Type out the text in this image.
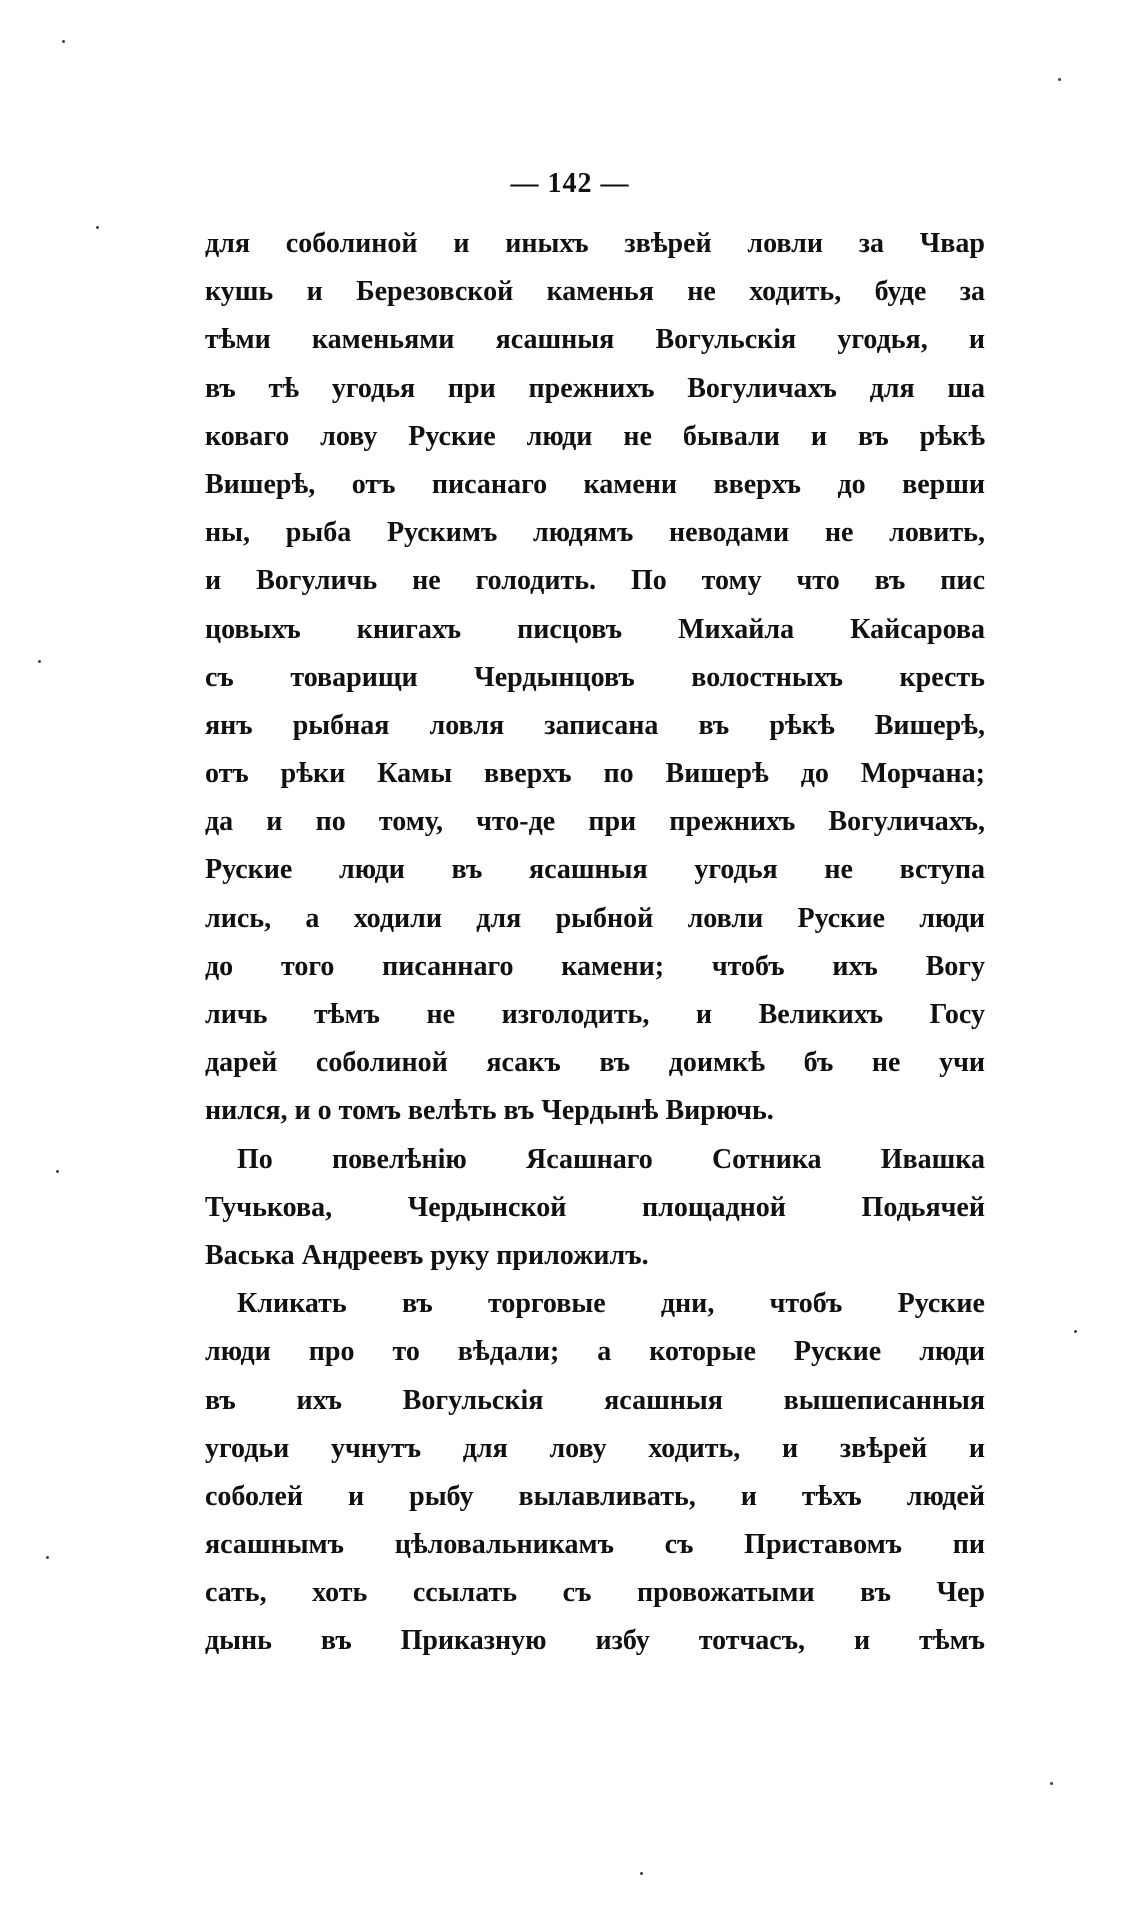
— 142 —
для соболиной и иныхъ звѣрей ловли за Чвар
кушь и Березовской каменья не ходить, буде за
тѣми каменьями ясашныя Вогульскія угодья, и
въ тѣ угодья при прежнихъ Вогуличахъ для ша
коваго лову Руские люди не бывали и въ рѣкѣ
Вишерѣ, отъ писанаго камени вверхъ до верши
ны, рыба Рускимъ людямъ неводами не ловить,
и Вогуличь не голодить. По тому что въ пис
цовыхъ книгахъ писцовъ Михайла Кайсарова
съ товарищи Чердынцовъ волостныхъ кресть
янъ рыбная ловля записана въ рѣкѣ Вишерѣ,
отъ рѣки Камы вверхъ по Вишерѣ до Морчана;
да и по тому, что-де при прежнихъ Вогуличахъ,
Руские люди въ ясашныя угодья не вступа
лись, а ходили для рыбной ловли Руские люди
до того писаннаго камени; чтобъ ихъ Вогу
личь тѣмъ не изголодить, и Великихъ Госу
дарей соболиной ясакъ въ доимкѣ бъ не учи
нился, и о томъ велѣть въ Чердынѣ Вирючь.
По повелѣнію Ясашнаго Сотника Ивашка
Тучькова, Чердынской площадной Подьячей
Васька Андреевъ руку приложилъ.
Кликать въ торговые дни, чтобъ Руские
люди про то вѣдали; а которые Руские люди
въ ихъ Вогульскія ясашныя вышеписанныя
угодьи учнутъ для лову ходить, и звѣрей и
соболей и рыбу вылавливать, и тѣхъ людей
ясашнымъ цѣловальникамъ съ Приставомъ пи
сать, хоть ссылать съ провожатыми въ Чер
дынь въ Приказную избу тотчасъ, и тѣмъ
